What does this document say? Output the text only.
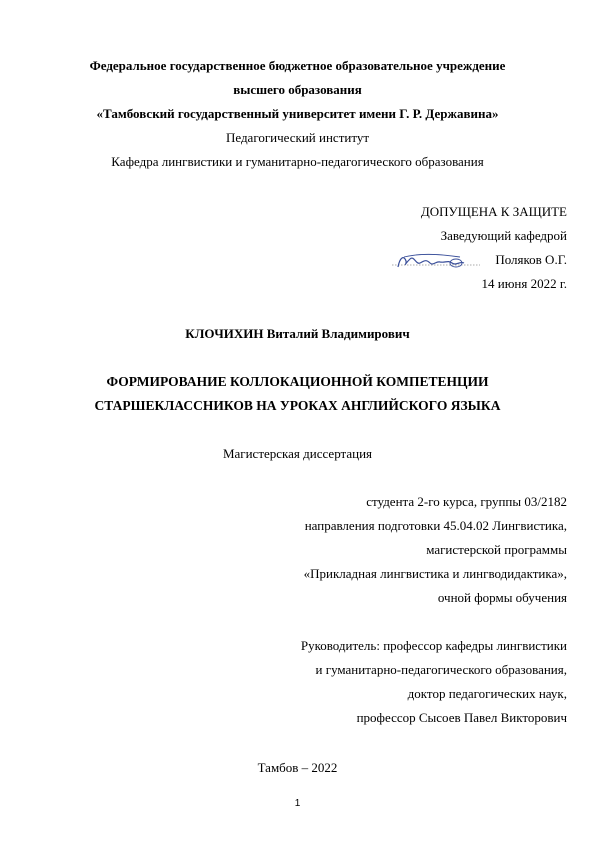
Федеральное государственное бюджетное образовательное учреждение
высшего образования
«Тамбовский государственный университет имени Г. Р. Державина»
Педагогический институт
Кафедра лингвистики и гуманитарно-педагогического образования
ДОПУЩЕНА К ЗАЩИТЕ
Заведующий кафедрой
Поляков О.Г.
14 июня 2022 г.
КЛОЧИХИН Виталий Владимирович
ФОРМИРОВАНИЕ КОЛЛОКАЦИОННОЙ КОМПЕТЕНЦИИ
СТАРШЕКЛАССНИКОВ НА УРОКАХ АНГЛИЙСКОГО ЯЗЫКА
Магистерская диссертация
студента 2-го курса, группы 03/2182
направления подготовки 45.04.02 Лингвистика,
магистерской программы
«Прикладная лингвистика и лингводидактика»,
очной формы обучения
Руководитель: профессор кафедры лингвистики
и гуманитарно-педагогического образования,
доктор педагогических наук,
профессор Сысоев Павел Викторович
Тамбов – 2022
1
